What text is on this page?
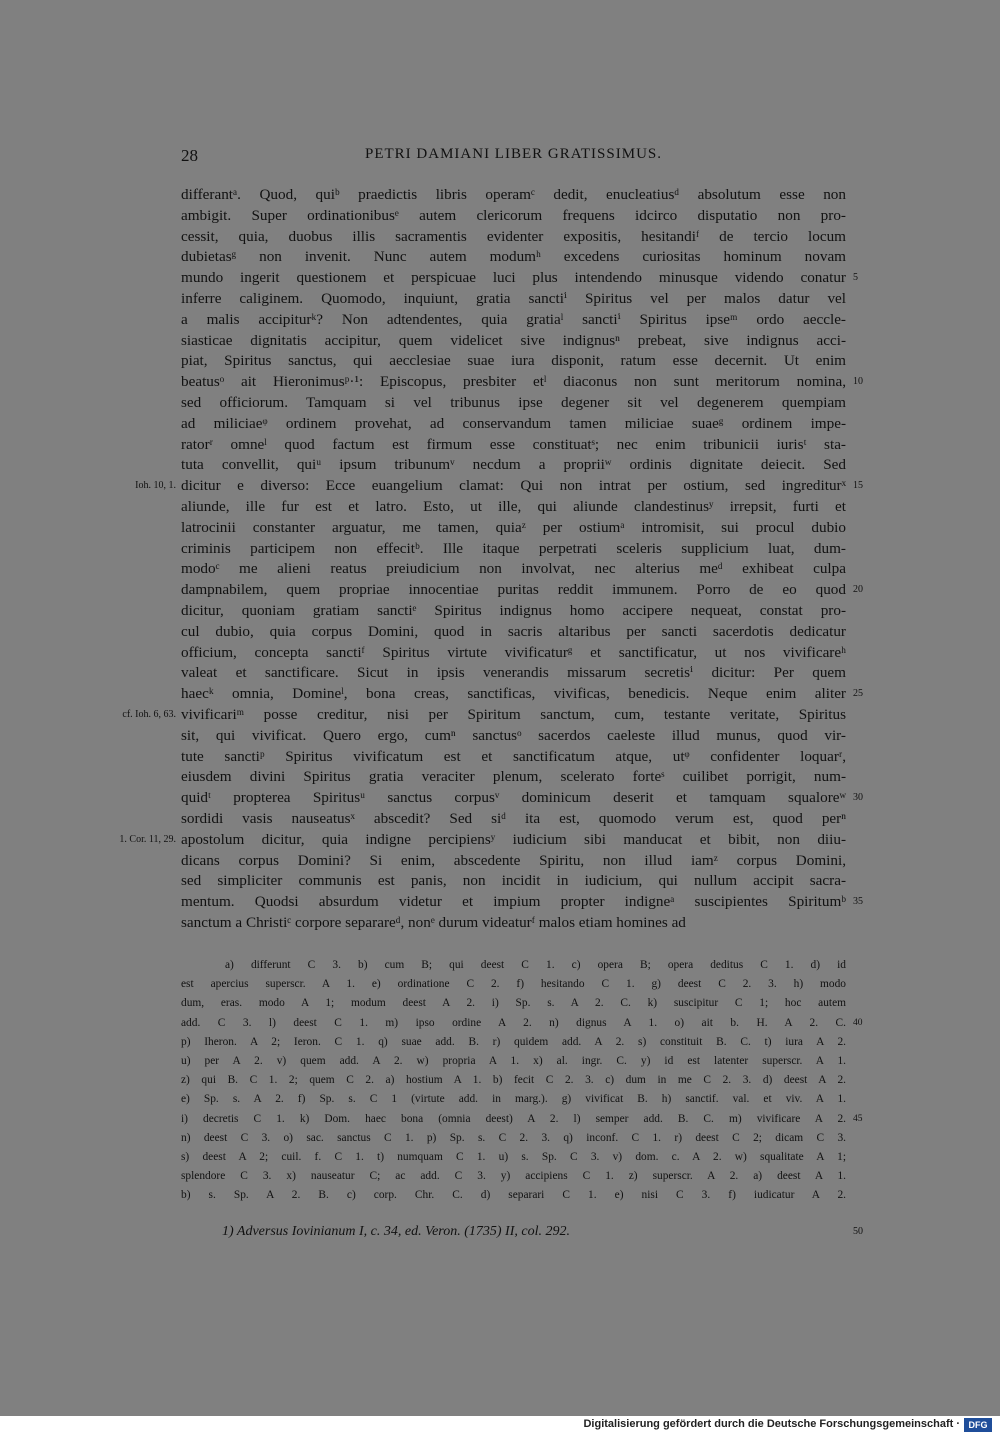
28	PETRI DAMIANI LIBER GRATISSIMUS.
differantᵃ. Quod, quiᵇ praedictis libris operamᶜ dedit, enucleatiusᵈ absolutum esse non
ambigit. Super ordinationibusᵉ autem clericorum frequens idcirco disputatio non pro-
cessit, quia, duobus illis sacramentis evidenter expositis, hesitandiᶠ de tercio locum
dubietasᵍ non invenit. Nunc autem modumʰ excedens curiositas hominum novam
mundo ingerit questionem et perspicuae luci plus intendendo minusque videndo conatur 5
inferre caliginem. Quomodo, inquiunt, gratia sanctiⁱ Spiritus vel per malos datur vel
a malis accipiturᵏ? Non adtendentes, quia gratiaˡ sanctiⁱ Spiritus ipseᵐ ordo aeccle-
siasticae dignitatis accipitur, quem videlicet sive indignusⁿ prebeat, sive indignus acci-
piat, Spiritus sanctus, qui aecclesiae suae iura disponit, ratum esse decernit. Ut enim
beatusᵒ ait Hieronimusᵖ·¹: Episcopus, presbiter etˡ diaconus non sunt meritorum nomina, 10
sed officiorum. Tamquam si vel tribunus ipse degener sit vel degenerem quempiam
ad miliciaeᵠ ordinem provehat, ad conservandum tamen miliciae suaeᵍ ordinem impe-
ratorʳ omneˡ quod factum est firmum esse constituatˢ; nec enim tribunicii iurisᵗ sta-
tuta convellit, quiᵘ ipsum tribunumᵛ necdum a propriiʷ ordinis dignitate deiecit. Sed
dicitur e diverso: Ecce euangelium clamat: Qui non intrat per ostium, sed ingrediturˣ 15
Ioh. 10, 1.
aliunde, ille fur est et latro. Esto, ut ille, qui aliunde clandestinusʸ irrepsit, furti et
latrocinii constanter arguatur, me tamen, quiaᶻ per ostiumᵃ intromisit, sui procul dubio
criminis participem non effecitᵇ. Ille itaque perpetrati sceleris supplicium luat, dum-
modoᶜ me alieni reatus preiudicium non involvat, nec alterius meᵈ exhibeat culpa
dampnabilem, quem propriae innocentiae puritas reddit immunem. Porro de eo quod 20
dicitur, quoniam gratiam sanctiᵉ Spiritus indignus homo accipere nequeat, constat pro-
cul dubio, quia corpus Domini, quod in sacris altaribus per sancti sacerdotis dedicatur
officium, concepta sanctiᶠ Spiritus virtute vivificaturᵍ et sanctificatur, ut nos vivificareʰ
valeat et sanctificare. Sicut in ipsis venerandis missarum secretisⁱ dicitur: Per quem
haecᵏ omnia, Domineˡ, bona creas, sanctificas, vivificas, benedicis. Neque enim aliter 25
vivificariᵐ posse creditur, nisi per Spiritum sanctum, cum, testante veritate, Spiritus
cf. Ioh. 6, 63.
sit, qui vivificat. Quero ergo, cumⁿ sanctusᵒ sacerdos caeleste illud munus, quod vir-
tute sanctiᵖ Spiritus vivificatum est et sanctificatum atque, utᵠ confidenter loquarʳ,
eiusdem divini Spiritus gratia veraciter plenum, scelerato forteˢ cuilibet porrigit, num-
quidᵗ propterea Spiritusᵘ sanctus corpusᵛ dominicum deserit et tamquam squaloreʷ 30
sordidi vasis nauseatusˣ abscedit? Sed siᵈ ita est, quomodo verum est, quod perⁿ
apostolum dicitur, quia indigne percipiensʸ iudicium sibi manducat et bibit, non diiu-
1. Cor. 11, 29.
dicans corpus Domini? Si enim, abscedente Spiritu, non illud iamᶻ corpus Domini,
sed simpliciter communis est panis, non incidit in iudicium, qui nullum accipit sacra-
mentum. Quodsi absurdum videtur et impium propter indigneᵃ suscipientes Spiritumᵇ 35
sanctum a Christiᶜ corpore separareᵈ, nonᵉ durum videaturᶠ malos etiam homines ad
a) differunt C 3. b) cum B; qui deest C 1. c) opera B; opera deditus C 1. d) id
est apercius superscr. A 1. e) ordinatione C 2. f) hesitando C 1. g) deest C 2. 3. h) modo
dum, eras. modo A 1; modum deest A 2. i) Sp. s. A 2. C. k) suscipitur C 1; hoc autem
add. C 3. l) deest C 1. m) ipso ordine A 2. n) dignus A 1. o) ait b. H. A 2. C. 40
p) Iheron. A 2; Ieron. C 1. q) suae add. B. r) quidem add. A 2. s) constituit B. C. t) iura A 2.
u) per A 2. v) quem add. A 2. w) propria A 1. x) al. ingr. C. y) id est latenter superscr. A 1.
z) qui B. C 1. 2; quem C 2. a) hostium A 1. b) fecit C 2. 3. c) dum in me C 2. 3. d) deest A 2.
e) Sp. s. A 2. f) Sp. s. C 1 (virtute add. in marg.). g) vivificat B. h) sanctif. val. et viv. A 1.
i) decretis C 1. k) Dom. haec bona (omnia deest) A 2. l) semper add. B. C. m) vivificare A 2. 45
n) deest C 3. o) sac. sanctus C 1. p) Sp. s. C 2. 3. q) inconf. C 1. r) deest C 2; dicam C 3.
s) deest A 2; cuil. f. C 1. t) numquam C 1. u) s. Sp. C 3. v) dom. c. A 2. w) squalitate A 1;
splendore C 3. x) nauseatur C; ac add. C 3. y) accipiens C 1. z) superscr. A 2. a) deest A 1.
b) s. Sp. A 2. B. c) corp. Chr. C. d) separari C 1. e) nisi C 3. f) iudicatur A 2.
1) Adversus Iovinianum I, c. 34, ed. Veron. (1735) II, col. 292.	50
Digitalisierung gefördert durch die Deutsche Forschungsgemeinschaft · DFG
